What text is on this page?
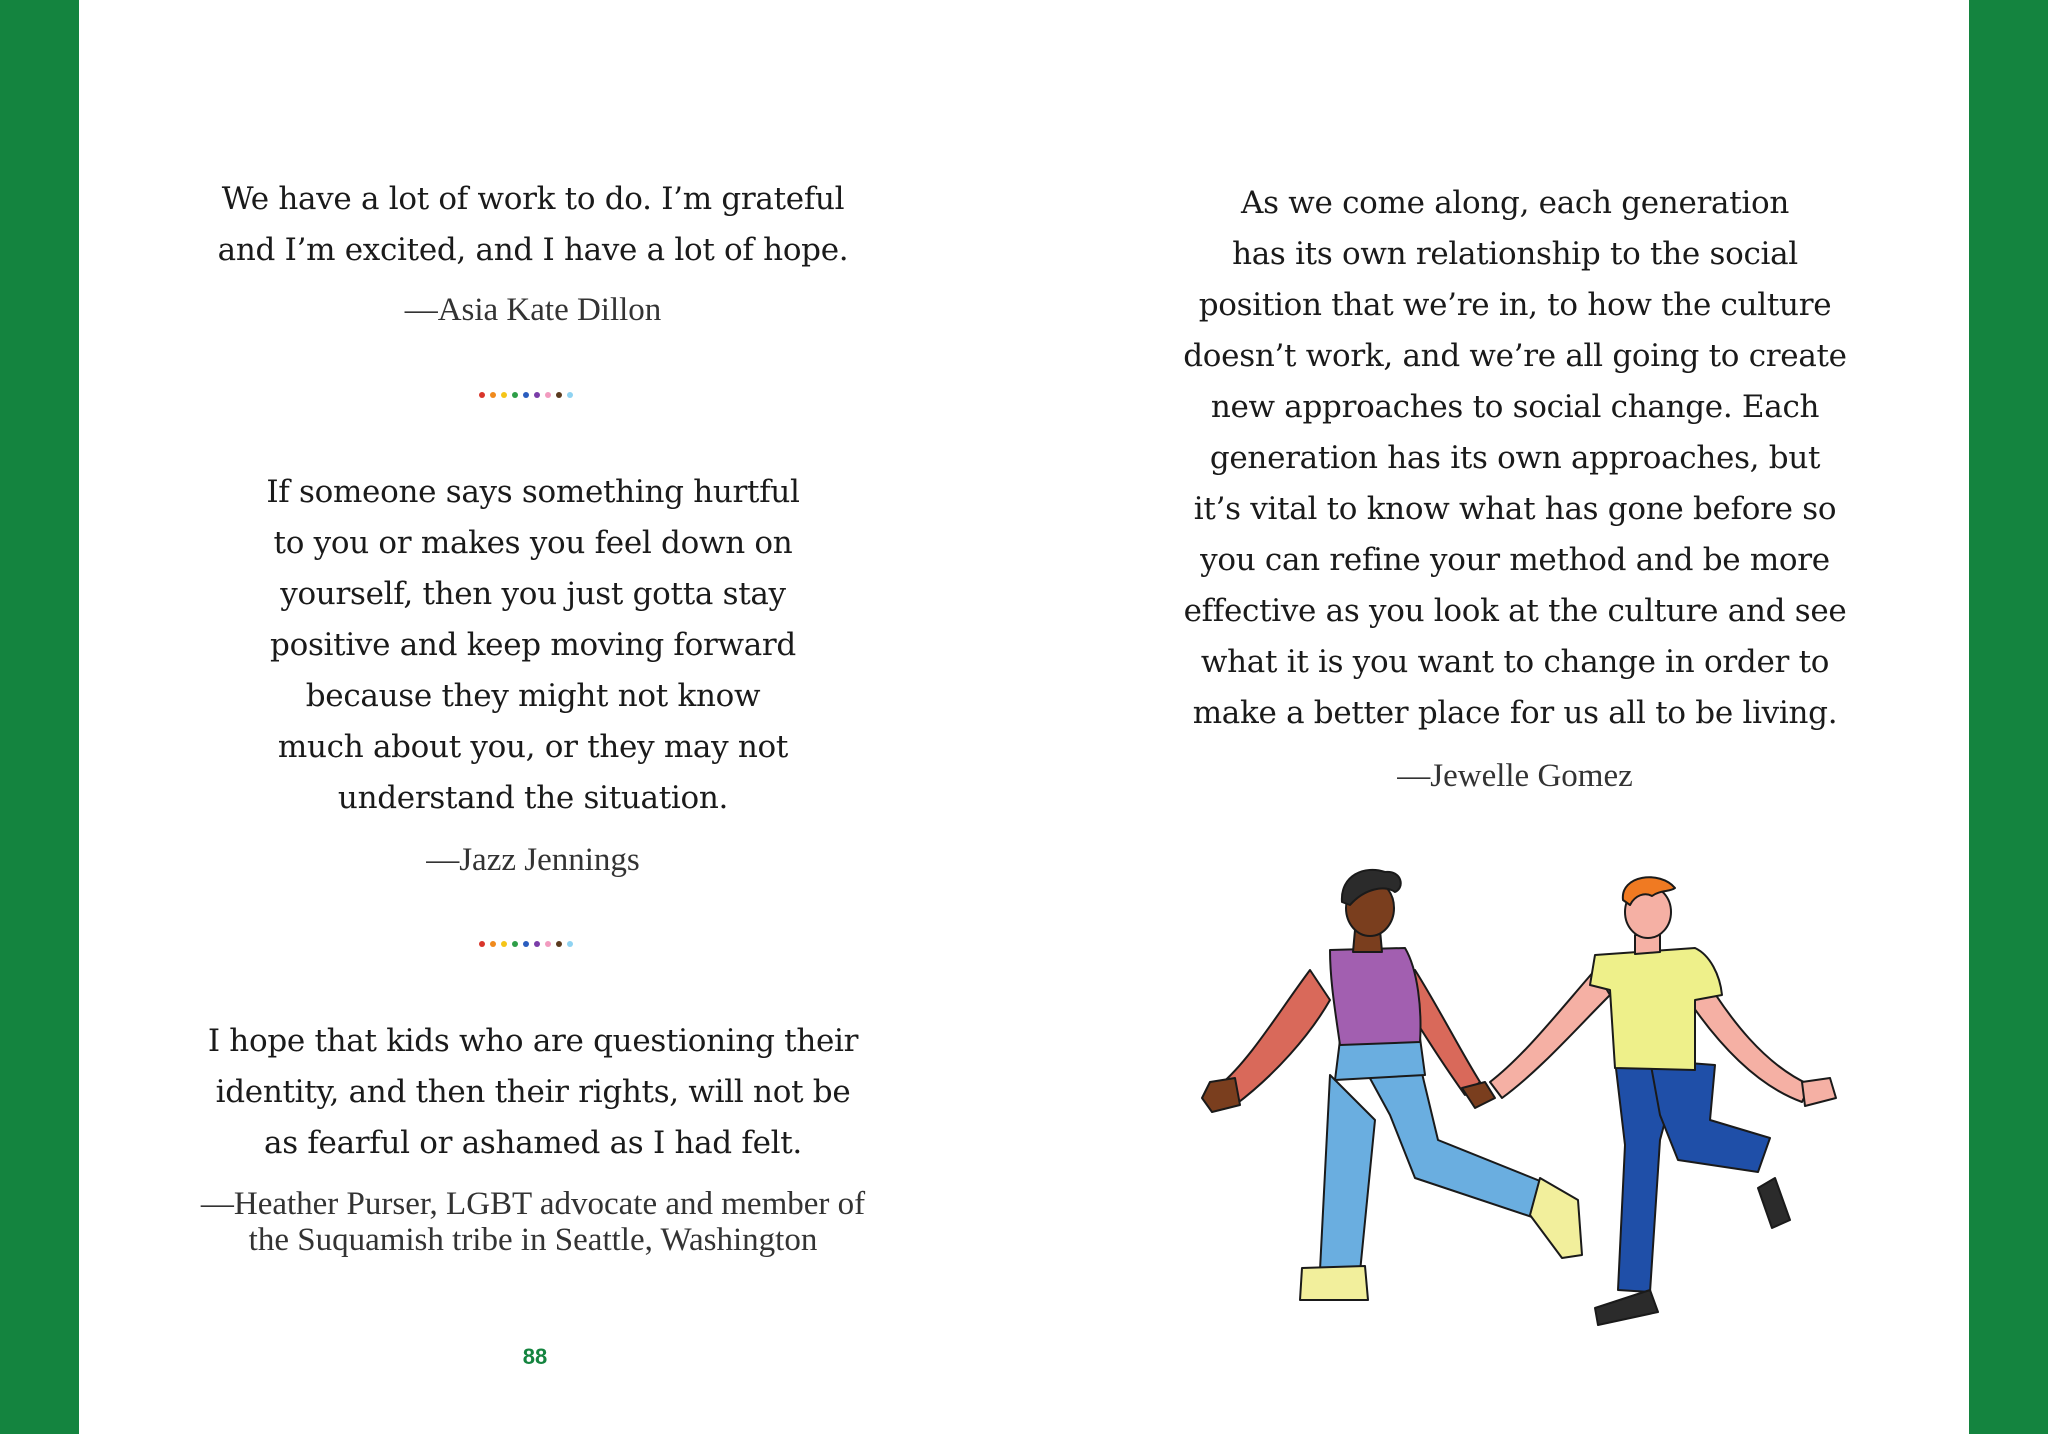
We have a lot of work to do. I’m grateful
and I’m excited, and I have a lot of hope.
—Asia Kate Dillon
If someone says something hurtful
to you or makes you feel down on
yourself, then you just gotta stay
positive and keep moving forward
because they might not know
much about you, or they may not
understand the situation.
—Jazz Jennings
I hope that kids who are questioning their
identity, and then their rights, will not be
as fearful or ashamed as I had felt.
—Heather Purser, LGBT advocate and member of
the Suquamish tribe in Seattle, Washington
88
As we come along, each generation
has its own relationship to the social
position that we’re in, to how the culture
doesn’t work, and we’re all going to create
new approaches to social change. Each
generation has its own approaches, but
it’s vital to know what has gone before so
you can refine your method and be more
effective as you look at the culture and see
what it is you want to change in order to
make a better place for us all to be living.
—Jewelle Gomez
